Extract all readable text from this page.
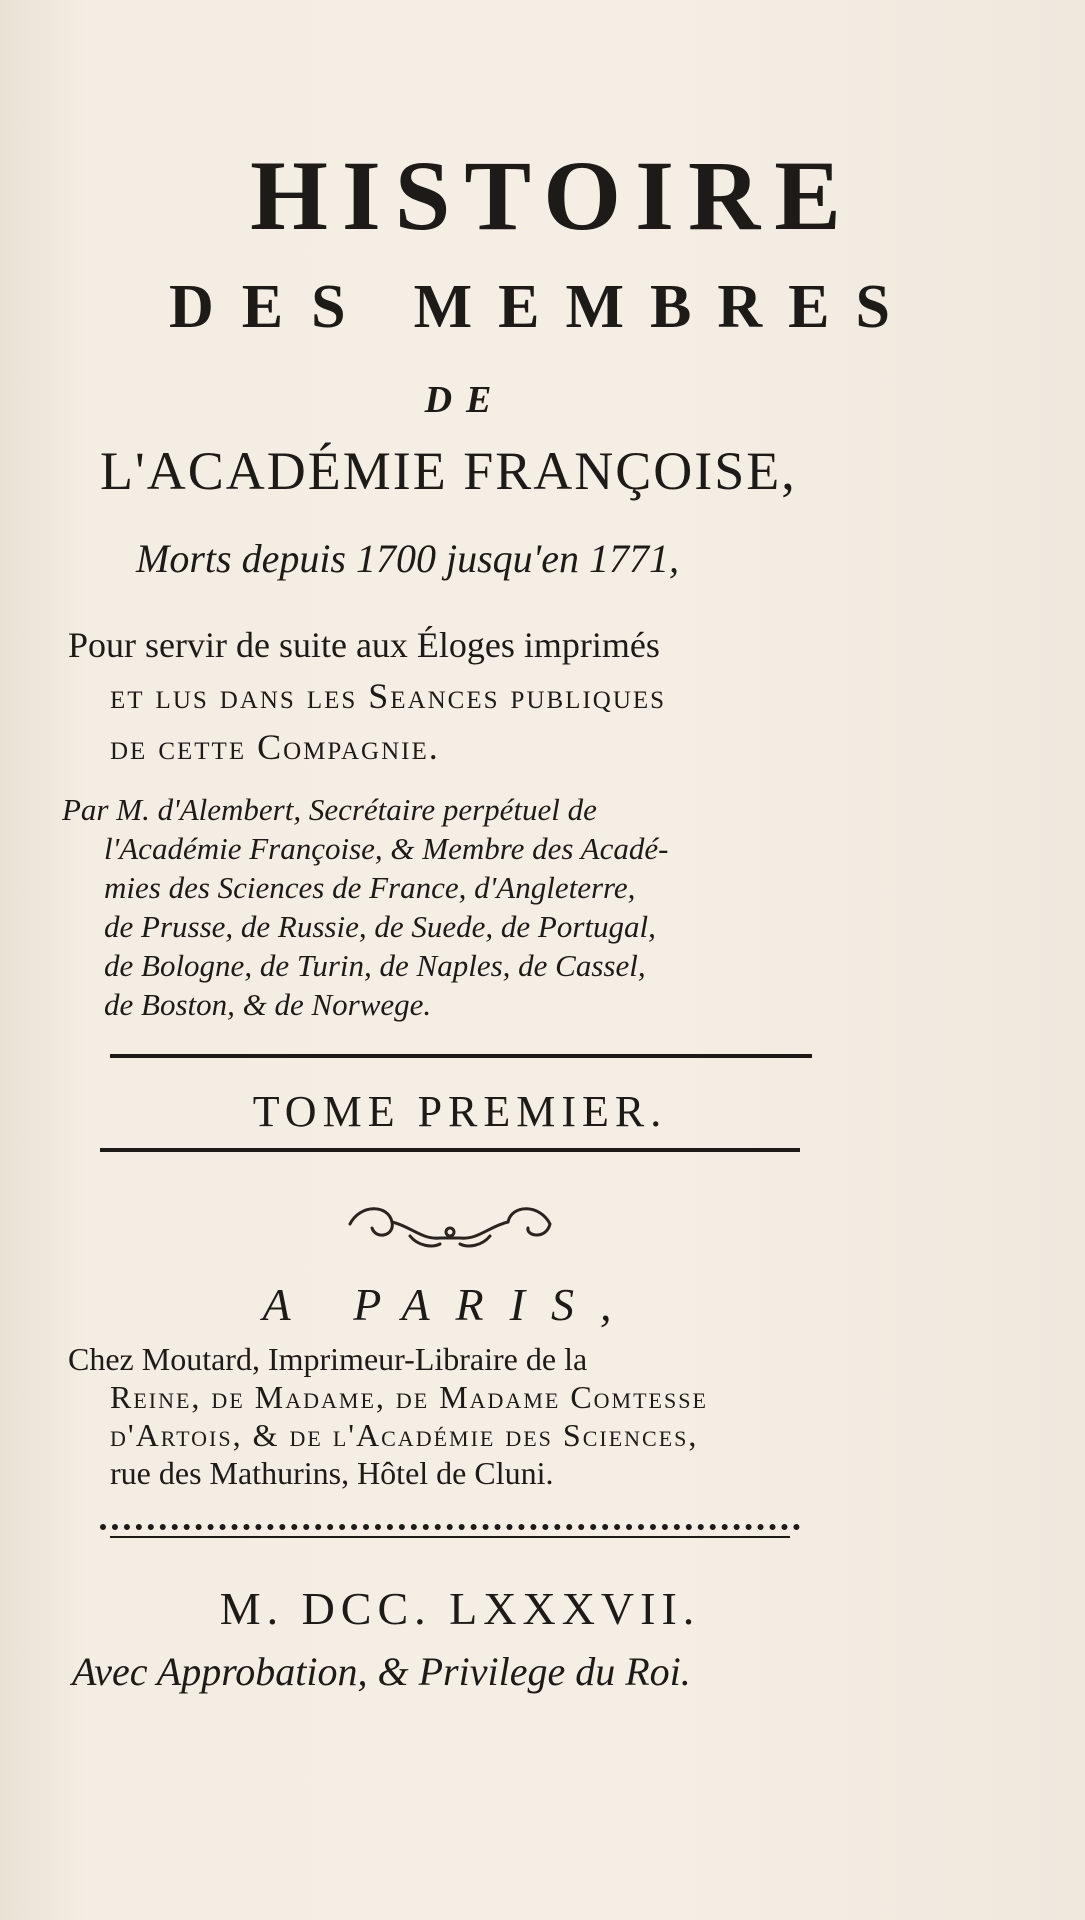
HISTOIRE
DES MEMBRES
DE
L'ACADÉMIE FRANÇOISE,
Morts depuis 1700 jusqu'en 1771,
Pour servir de suite aux Éloges imprimés
et lus dans les Seances publiques
de cette Compagnie.
Par M. d'Alembert, Secrétaire perpétuel de
l'Académie Françoise, & Membre des Acadé-
mies des Sciences de France, d'Angleterre,
de Prusse, de Russie, de Suede, de Portugal,
de Bologne, de Turin, de Naples, de Cassel,
de Boston, & de Norwege.
TOME PREMIER.
A PARIS,
Chez Moutard, Imprimeur-Libraire de la
Reine, de Madame, de Madame Comtesse
d'Artois, & de l'Académie des Sciences,
rue des Mathurins, Hôtel de Cluni.
M. DCC. LXXXVII.
Avec Approbation, & Privilege du Roi.
